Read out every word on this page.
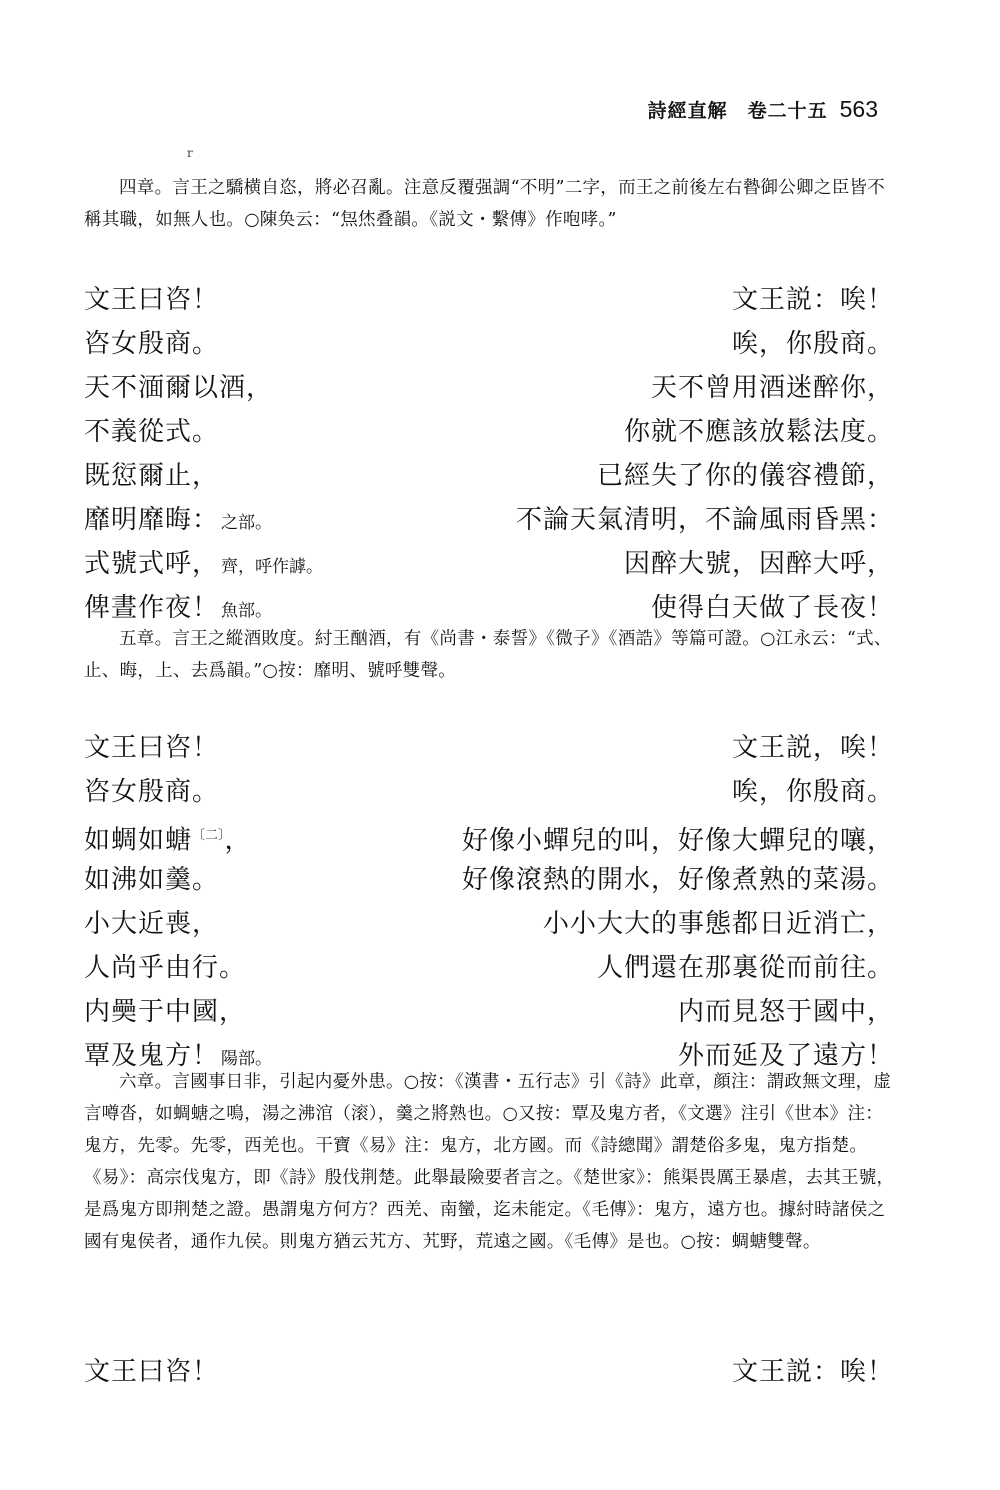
詩經直解　卷二十五 563
r

四章。言王之驕横自恣，將必召亂。注意反覆强調“不明”二字，而王之前後左右暬御公卿之臣皆不稱其職，如無人也。○陳奂云：“炰烋叠韻。《説文・繫傳》作咆哮。”

文王曰咨！	文王説：唉！
咨女殷商。	唉，你殷商。
天不湎爾以酒，	天不曾用酒迷醉你，
不義從式。	你就不應該放鬆法度。
既愆爾止，	已經失了你的儀容禮節，
靡明靡晦： 之部。	不論天氣清明，不論風雨昏黑：
式號式呼， 齊，呼作謼。	因醉大號，因醉大呼，
俾晝作夜！ 魚部。	使得白天做了長夜！

五章。言王之縱酒敗度。紂王酗酒，有《尚書・泰誓》《微子》《酒誥》等篇可證。○江永云：“式、止、晦，上、去爲韻。”○按：靡明、號呼雙聲。

文王曰咨！	文王説，唉！
咨女殷商。	唉，你殷商。
如蜩如螗$^{〔二〕}$，	好像小蟬兒的叫，好像大蟬兒的嚷，
如沸如羹。	好像滾熱的開水，好像煮熟的菜湯。
小大近喪，	小小大大的事態都日近消亡，
人尚乎由行。	人們還在那裏從而前往。
内奰于中國，	内而見怒于國中，
覃及鬼方！ 陽部。	外而延及了遠方！

六章。言國事日非，引起内憂外患。○按：《漢書・五行志》引《詩》此章，顔注：謂政無文理，虚言噂沓，如蜩螗之鳴，湯之沸涫（滚），羹之將熟也。○又按：覃及鬼方者，《文選》注引《世本》注：鬼方，先零。先零，西羌也。干寶《易》注：鬼方，北方國。而《詩總聞》謂楚俗多鬼，鬼方指楚。《易》：高宗伐鬼方，即《詩》殷伐荆楚。此舉最險要者言之。《楚世家》：熊渠畏厲王暴虐，去其王號，是爲鬼方即荆楚之證。愚謂鬼方何方？西羌、南蠻，迄未能定。《毛傳》：鬼方，遠方也。據紂時諸侯之國有鬼侯者，通作九侯。則鬼方猶云艽方、艽野，荒遠之國。《毛傳》是也。○按：蜩螗雙聲。

文王曰咨！	文王説：唉！
